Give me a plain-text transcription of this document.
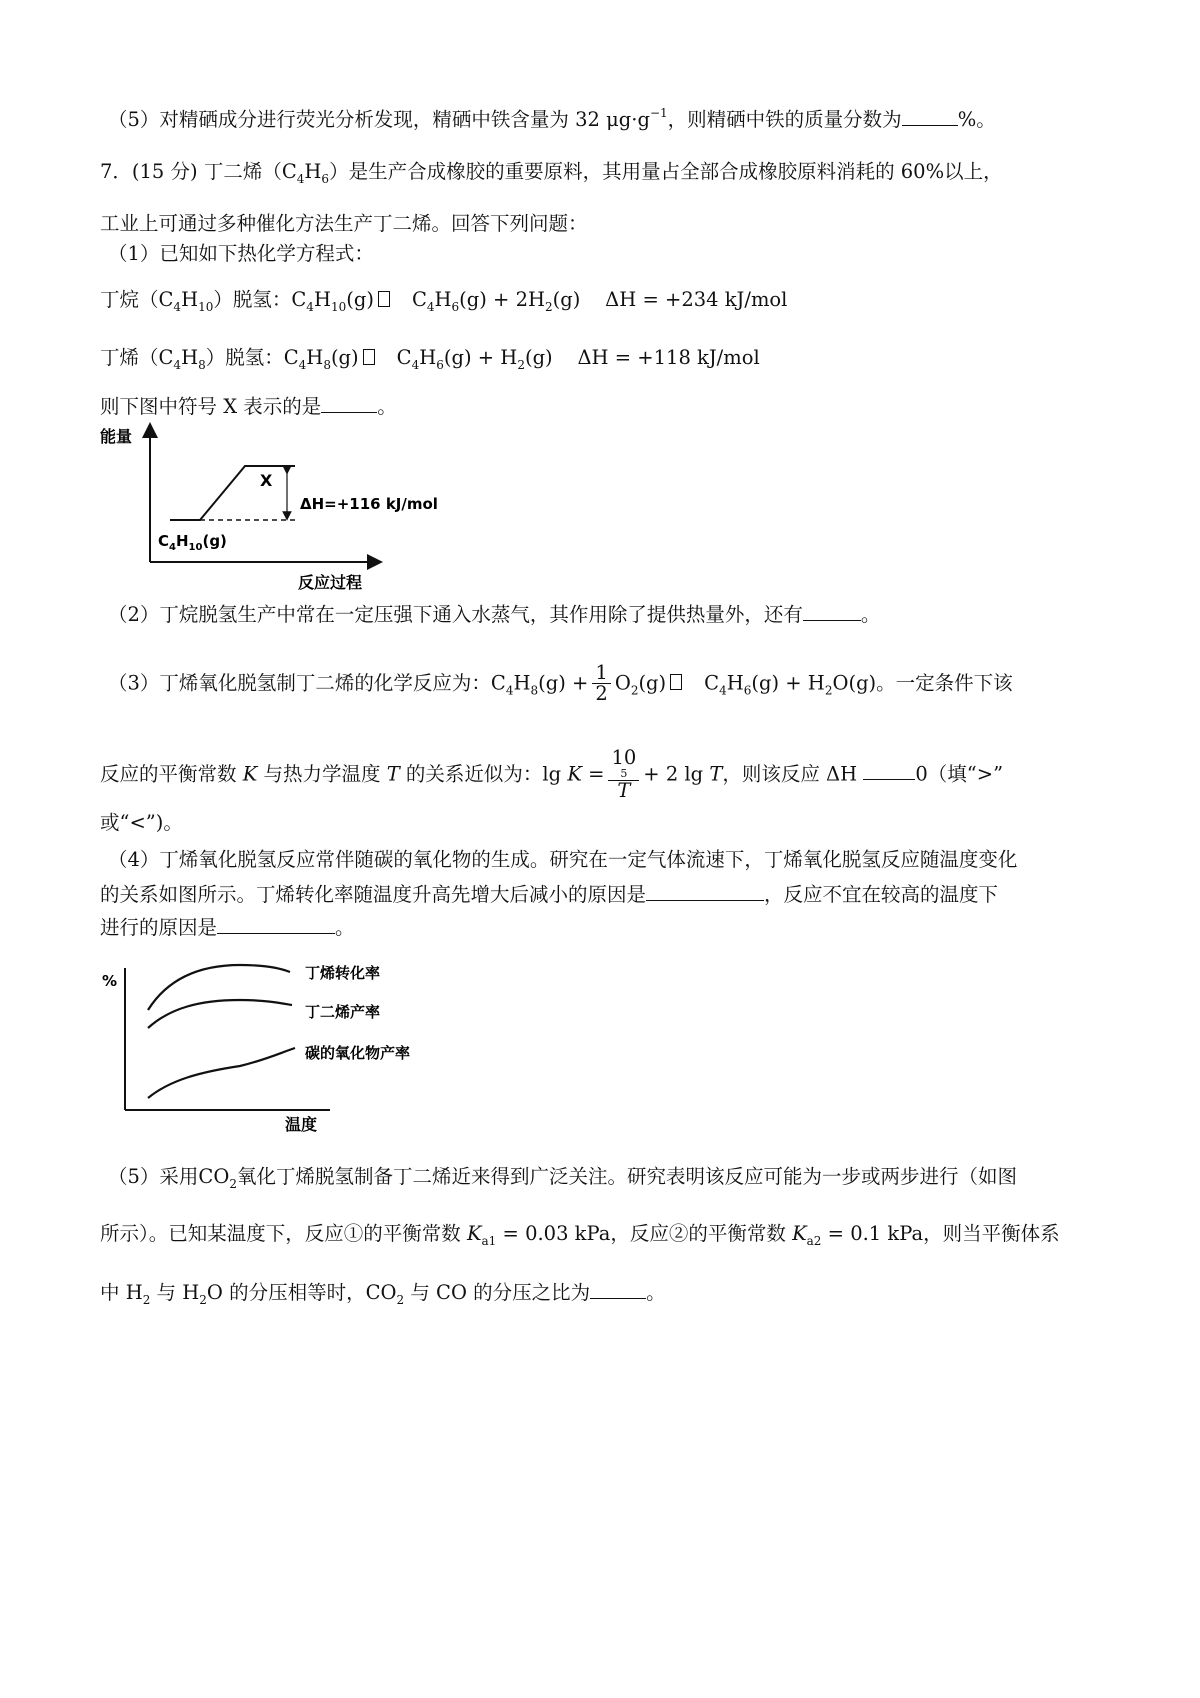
（5）对精硒成分进行荧光分析发现，精硒中铁含量为 32 $\mu g\cdot g^{-1}$，则精硒中铁的质量分数为	%。
7．(15 分) 丁二烯$(C_4H_6)$是生产合成橡胶的重要原料，其用量占全部合成橡胶原料消耗的 60%以上，
工业上可通过多种催化方法生产丁二烯。回答下列问题：
（1）已知如下热化学方程式：
丁烷$(C_4H_{10})$脱氢：$C_4H_{10}(g) C_4H_6(g) + 2H_2(g)$    ΔH = +234 kJ/mol
丁烯$(C_4H_8)$脱氢：$C_4H_8(g) C_4H_6(g) + H_2(g)$    ΔH = +118 kJ/mol
则下图中符号 X 表示的是	。
能量
反应过程
X
ΔH=+116 kJ/mol
$C_4H_{10}(g)$
（2）丁烷脱氢生产中常在一定压强下通入水蒸气，其作用除了提供热量外，还有	。
（3）丁烯氧化脱氢制丁二烯的化学反应为：$C_4H_8(g) + \frac{1}{2} O_2(g) C_4H_6(g) + H_2O(g)$。一定条件下该
反应的平衡常数 K 与热力学温度 T 的关系近似为：lg K = 10
5
T + 2 lg T，则该反应 ΔH	0（填“>”
或“<”)。
（4）丁烯氧化脱氢反应常伴随碳的氧化物的生成。研究在一定气体流速下，丁烯氧化脱氢反应随温度变化
的关系如图所示。丁烯转化率随温度升高先增大后减小的原因是	，反应不宜在较高的温度下
进行的原因是	。
%
温度
丁烯转化率
丁二烯产率
碳的氧化物产率
（5）采用$CO_2$氧化丁烯脱氢制备丁二烯近来得到广泛关注。研究表明该反应可能为一步或两步进行（如图
所示）。已知某温度下，反应①的平衡常数 $K_{a1} = 0.03$ kPa，反应②的平衡常数 $K_{a2} = 0.1$ kPa，则当平衡体系
中 $H_2$ 与 $H_2O$ 的分压相等时，$CO_2$ 与 CO 的分压之比为	。
